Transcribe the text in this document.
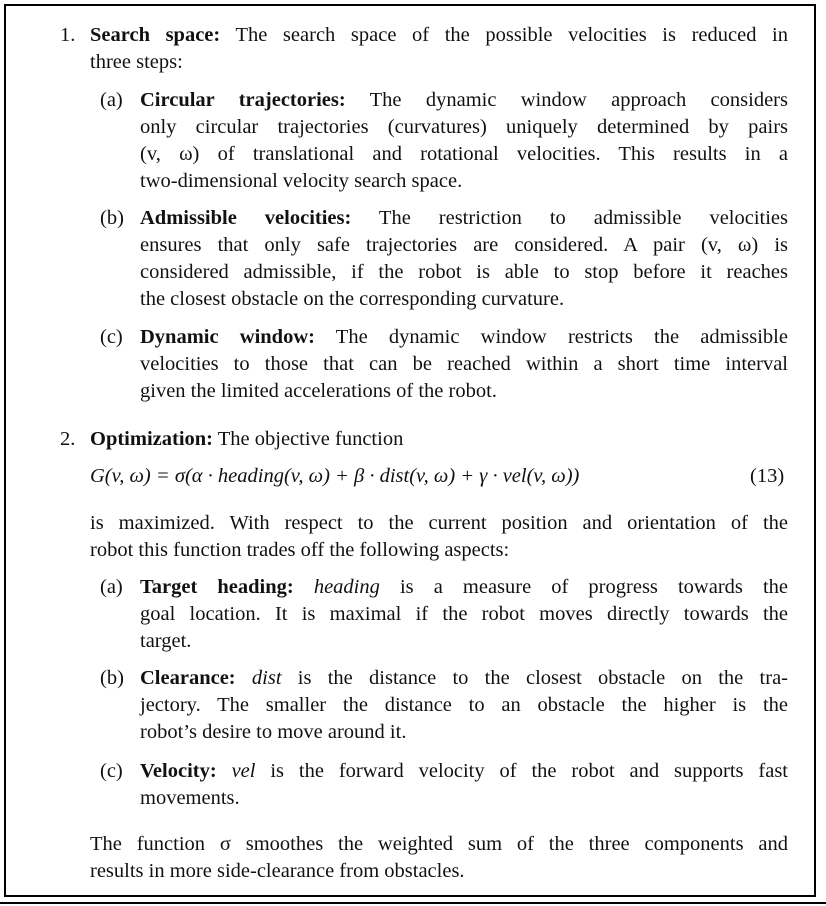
1. Search space: The search space of the possible velocities is reduced in
three steps:
(a) Circular trajectories: The dynamic window approach considers
only circular trajectories (curvatures) uniquely determined by pairs
(v, ω) of translational and rotational velocities. This results in a
two-dimensional velocity search space.
(b) Admissible velocities: The restriction to admissible velocities
ensures that only safe trajectories are considered. A pair (v, ω) is
considered admissible, if the robot is able to stop before it reaches
the closest obstacle on the corresponding curvature.
(c) Dynamic window: The dynamic window restricts the admissible
velocities to those that can be reached within a short time interval
given the limited accelerations of the robot.
2. Optimization: The objective function
G(v, ω) = σ(α · heading(v, ω) + β · dist(v, ω) + γ · vel(v, ω))	(13)
is maximized. With respect to the current position and orientation of the
robot this function trades off the following aspects:
(a) Target heading: heading is a measure of progress towards the
goal location. It is maximal if the robot moves directly towards the
target.
(b) Clearance: dist is the distance to the closest obstacle on the tra-
jectory. The smaller the distance to an obstacle the higher is the
robot’s desire to move around it.
(c) Velocity: vel is the forward velocity of the robot and supports fast
movements.
The function σ smoothes the weighted sum of the three components and
results in more side-clearance from obstacles.
